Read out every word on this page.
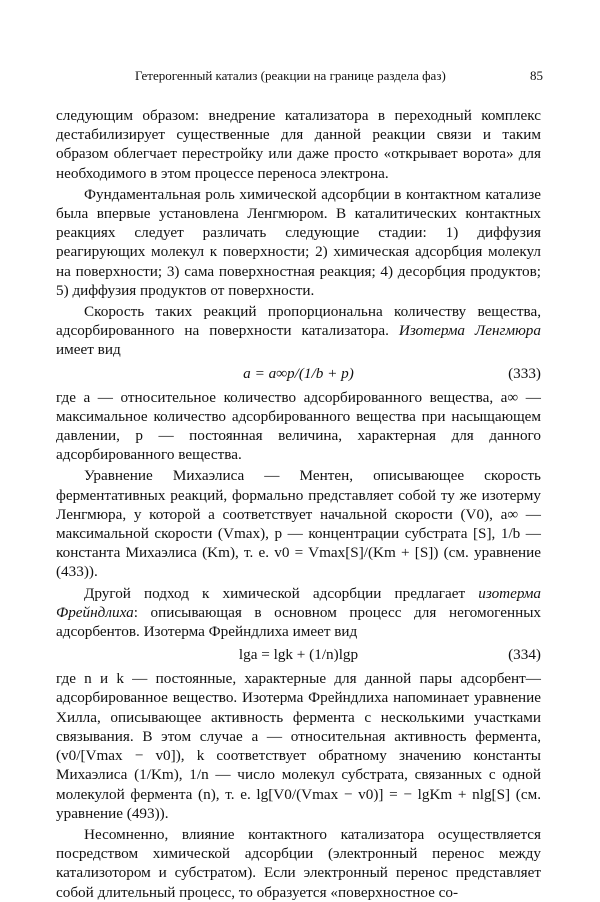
Гетерогенный катализ (реакции на границе раздела фаз)	85

следующим образом: внедрение катализатора в переходный комплекс дестабилизирует существенные для данной реакции связи и таким образом облегчает перестройку или даже просто «открывает ворота» для необходимого в этом процессе переноса электрона.

Фундаментальная роль химической адсорбции в контактном катализе была впервые установлена Ленгмюром. В каталитических контактных реакциях следует различать следующие стадии: 1) диффузия реагирующих молекул к поверхности; 2) химическая адсорбция молекул на поверхности; 3) сама поверхностная реакция; 4) десорбция продуктов; 5) диффузия продуктов от поверхности.

Скорость таких реакций пропорциональна количеству вещества, адсорбированного на поверхности катализатора. Изотерма Ленгмюра имеет вид

a = a∞p/(1/b + p)	(333)

где a — относительное количество адсорбированного вещества, a∞ — максимальное количество адсорбированного вещества при насыщающем давлении, p — постоянная величина, характерная для данного адсорбированного вещества.

Уравнение Михаэлиса — Ментен, описывающее скорость ферментативных реакций, формально представляет собой ту же изотерму Ленгмюра, у которой a соответствует начальной скорости (V0), a∞ — максимальной скорости (Vmax), p — концентрации субстрата [S], 1/b — константа Михаэлиса (Km), т. е. v0 = Vmax[S]/(Km + [S]) (см. уравнение (433)).

Другой подход к химической адсорбции предлагает изотерма Фрейндлиха: описывающая в основном процесс для негомогенных адсорбентов. Изотерма Фрейндлиха имеет вид

lga = lgk + (1/n)lgp	(334)

где n и k — постоянные, характерные для данной пары адсорбент—адсорбированное вещество. Изотерма Фрейндлиха напоминает уравнение Хилла, описывающее активность фермента с несколькими участками связывания. В этом случае a — относительная активность фермента, (v0/[Vmax − v0]), k соответствует обратному значению константы Михаэлиса (1/Km), 1/n — число молекул субстрата, связанных с одной молекулой фермента (n), т. е. lg[V0/(Vmax − v0)] = − lgKm + nlg[S] (см. уравнение (493)).

Несомненно, влияние контактного катализатора осуществляется посредством химической адсорбции (электронный перенос между катализотором и субстратом). Если электронный перенос представляет собой длительный процесс, то образуется «поверхностное со-
